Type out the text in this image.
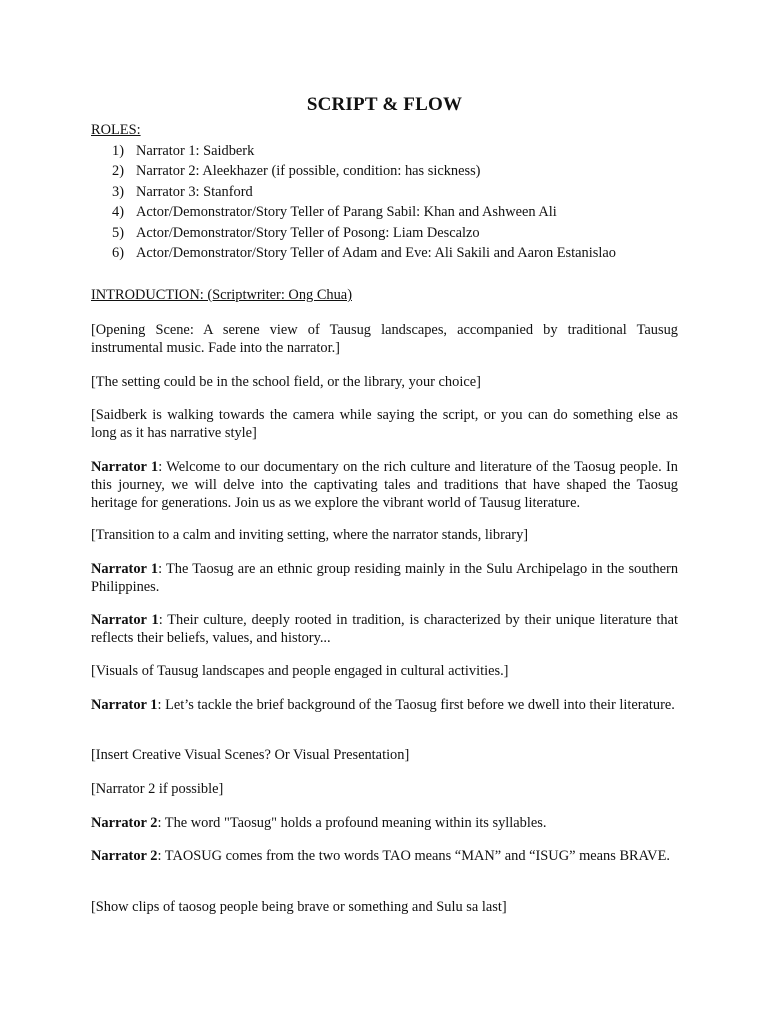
SCRIPT & FLOW
ROLES:
1) Narrator 1: Saidberk
2) Narrator 2: Aleekhazer (if possible, condition: has sickness)
3) Narrator 3: Stanford
4) Actor/Demonstrator/Story Teller of Parang Sabil: Khan and Ashween Ali
5) Actor/Demonstrator/Story Teller of Posong: Liam Descalzo
6) Actor/Demonstrator/Story Teller of Adam and Eve: Ali Sakili and Aaron Estanislao
INTRODUCTION: (Scriptwriter: Ong Chua)
[Opening Scene: A serene view of Tausug landscapes, accompanied by traditional Tausug instrumental music. Fade into the narrator.]
[The setting could be in the school field, or the library, your choice]
[Saidberk is walking towards the camera while saying the script, or you can do something else as long as it has narrative style]
Narrator 1: Welcome to our documentary on the rich culture and literature of the Taosug people. In this journey, we will delve into the captivating tales and traditions that have shaped the Taosug heritage for generations. Join us as we explore the vibrant world of Tausug literature.
[Transition to a calm and inviting setting, where the narrator stands, library]
Narrator 1: The Taosug are an ethnic group residing mainly in the Sulu Archipelago in the southern Philippines.
Narrator 1: Their culture, deeply rooted in tradition, is characterized by their unique literature that reflects their beliefs, values, and history...
[Visuals of Tausug landscapes and people engaged in cultural activities.]
Narrator 1: Let’s tackle the brief background of the Taosug first before we dwell into their literature.
[Insert Creative Visual Scenes? Or Visual Presentation]
[Narrator 2 if possible]
Narrator 2: The word "Taosug" holds a profound meaning within its syllables.
Narrator 2: TAOSUG comes from the two words TAO means “MAN” and “ISUG” means BRAVE.
[Show clips of taosog people being brave or something and Sulu sa last]
